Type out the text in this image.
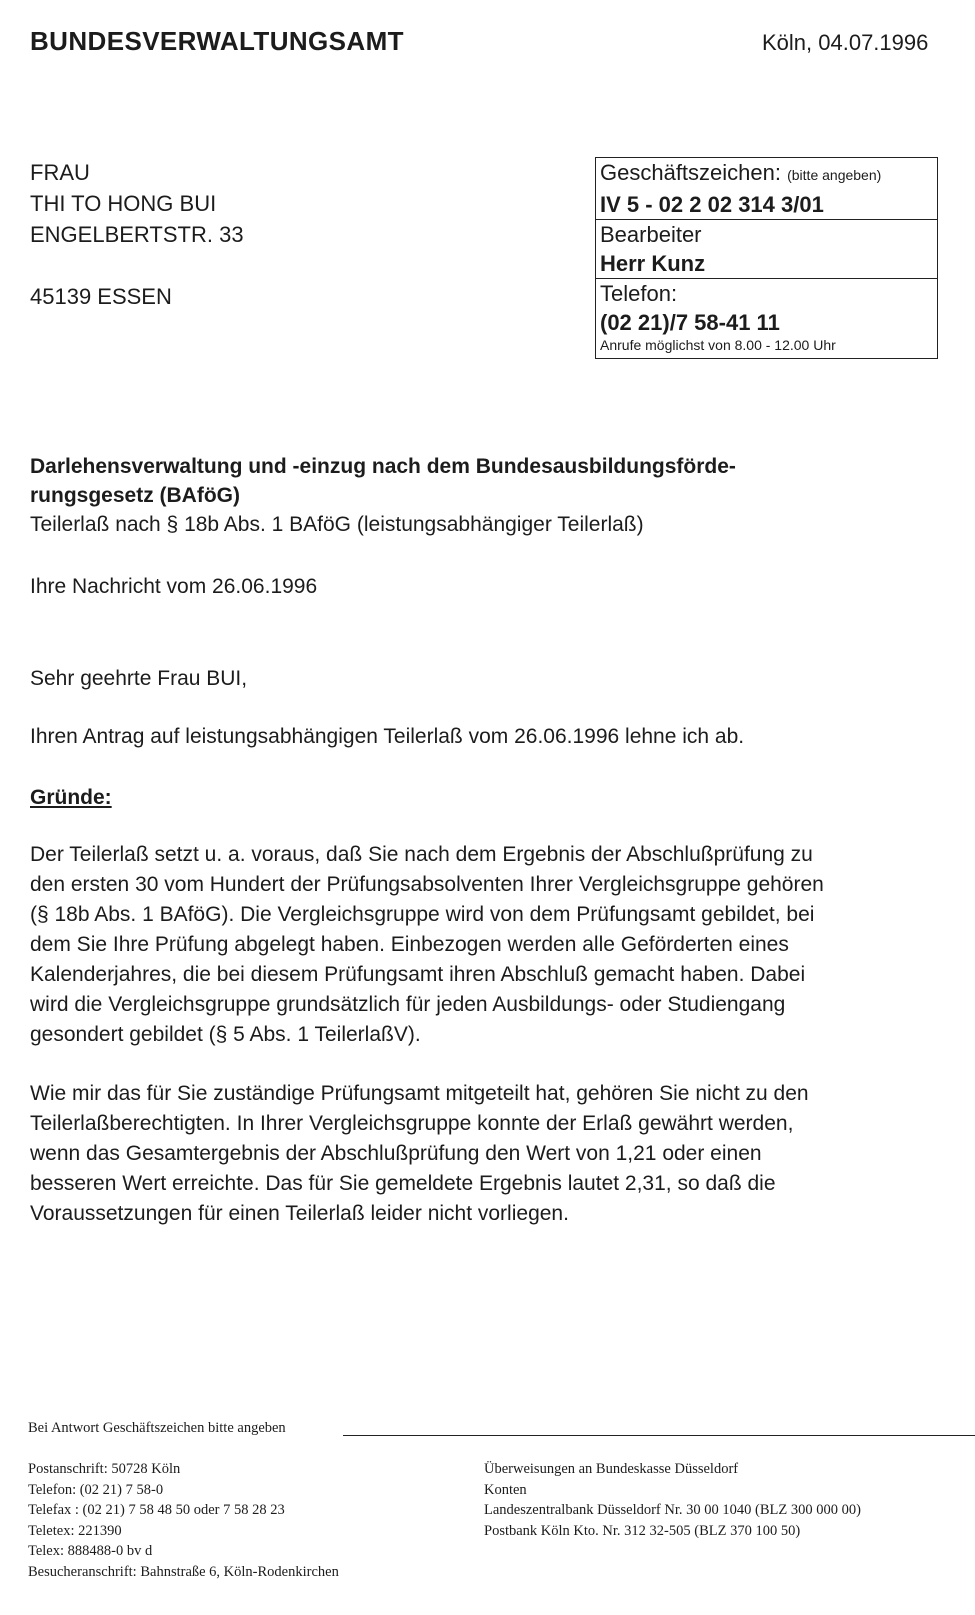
BUNDESVERWALTUNGSAMT	Köln, 04.07.1996
FRAU
THI TO HONG BUI
ENGELBERTSTR. 33
45139 ESSEN
Geschäftszeichen: (bitte angeben)
IV 5 - 02 2 02 314 3/01
Bearbeiter
Herr Kunz
Telefon:
(02 21)/7 58-41 11
Anrufe möglichst von 8.00 - 12.00 Uhr
Darlehensverwaltung und -einzug nach dem Bundesausbildungsförde-
rungsgesetz (BAföG)
Teilerlaß nach § 18b Abs. 1 BAföG (leistungsabhängiger Teilerlaß)
Ihre Nachricht vom 26.06.1996
Sehr geehrte Frau BUI,
Ihren Antrag auf leistungsabhängigen Teilerlaß vom 26.06.1996 lehne ich ab.
Gründe:
Der Teilerlaß setzt u. a. voraus, daß Sie nach dem Ergebnis der Abschlußprüfung zu
den ersten 30 vom Hundert der Prüfungsabsolventen Ihrer Vergleichsgruppe gehören
(§ 18b Abs. 1 BAföG). Die Vergleichsgruppe wird von dem Prüfungsamt gebildet, bei
dem Sie Ihre Prüfung abgelegt haben. Einbezogen werden alle Geförderten eines
Kalenderjahres, die bei diesem Prüfungsamt ihren Abschluß gemacht haben. Dabei
wird die Vergleichsgruppe grundsätzlich für jeden Ausbildungs- oder Studiengang
gesondert gebildet (§ 5 Abs. 1 TeilerlaßV).
Wie mir das für Sie zuständige Prüfungsamt mitgeteilt hat, gehören Sie nicht zu den
Teilerlaßberechtigten. In Ihrer Vergleichsgruppe konnte der Erlaß gewährt werden,
wenn das Gesamtergebnis der Abschlußprüfung den Wert von 1,21 oder einen
besseren Wert erreichte. Das für Sie gemeldete Ergebnis lautet 2,31, so daß die
Voraussetzungen für einen Teilerlaß leider nicht vorliegen.
Bei Antwort Geschäftszeichen bitte angeben
Postanschrift: 50728 Köln
Telefon: (02 21) 7 58-0
Telefax : (02 21) 7 58 48 50 oder 7 58 28 23
Teletex: 221390
Telex: 888488-0 bv d
Besucheranschrift: Bahnstraße 6, Köln-Rodenkirchen
Überweisungen an Bundeskasse Düsseldorf
Konten
Landeszentralbank Düsseldorf Nr. 30 00 1040 (BLZ 300 000 00)
Postbank Köln Kto. Nr. 312 32-505 (BLZ 370 100 50)
